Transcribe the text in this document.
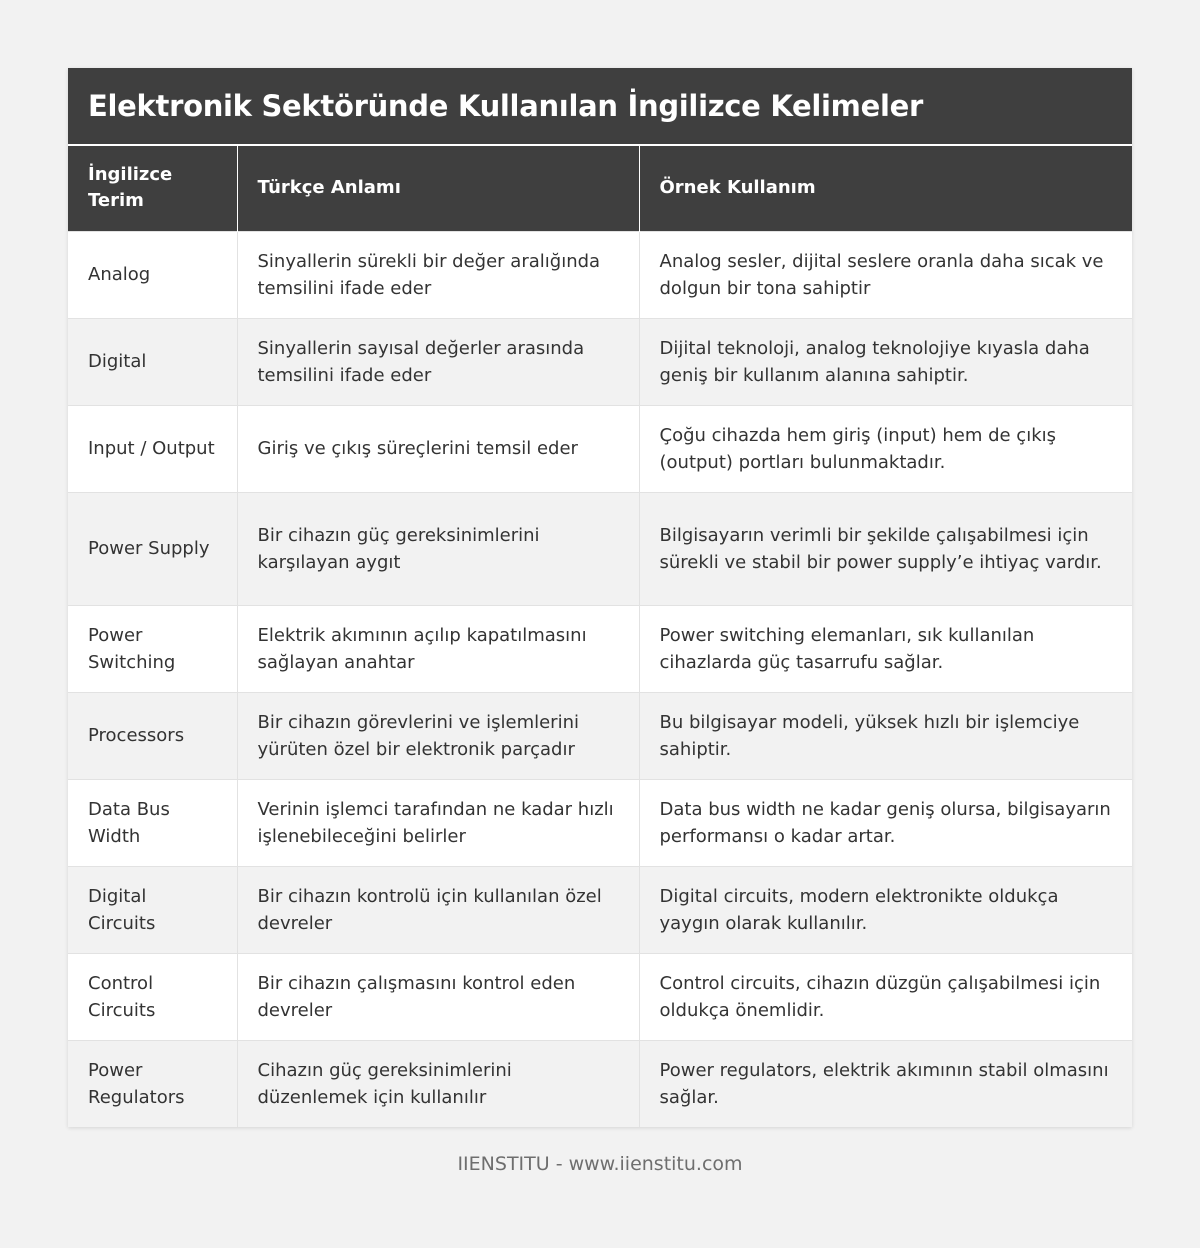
Elektronik Sektöründe Kullanılan İngilizce Kelimeler
İngilizce Terim	Türkçe Anlamı	Örnek Kullanım
Analog	Sinyallerin sürekli bir değer aralığında temsilini ifade eder	Analog sesler, dijital seslere oranla daha sıcak ve dolgun bir tona sahiptir
Digital	Sinyallerin sayısal değerler arasında temsilini ifade eder	Dijital teknoloji, analog teknolojiye kıyasla daha geniş bir kullanım alanına sahiptir.
Input / Output	Giriş ve çıkış süreçlerini temsil eder	Çoğu cihazda hem giriş (input) hem de çıkış (output) portları bulunmaktadır.
Power Supply	Bir cihazın güç gereksinimlerini karşılayan aygıt	Bilgisayarın verimli bir şekilde çalışabilmesi için sürekli ve stabil bir power supply’e ihtiyaç vardır.
Power Switching	Elektrik akımının açılıp kapatılmasını sağlayan anahtar	Power switching elemanları, sık kullanılan cihazlarda güç tasarrufu sağlar.
Processors	Bir cihazın görevlerini ve işlemlerini yürüten özel bir elektronik parçadır	Bu bilgisayar modeli, yüksek hızlı bir işlemciye sahiptir.
Data Bus Width	Verinin işlemci tarafından ne kadar hızlı işlenebileceğini belirler	Data bus width ne kadar geniş olursa, bilgisayarın performansı o kadar artar.
Digital Circuits	Bir cihazın kontrolü için kullanılan özel devreler	Digital circuits, modern elektronikte oldukça yaygın olarak kullanılır.
Control Circuits	Bir cihazın çalışmasını kontrol eden devreler	Control circuits, cihazın düzgün çalışabilmesi için oldukça önemlidir.
Power Regulators	Cihazın güç gereksinimlerini düzenlemek için kullanılır	Power regulators, elektrik akımının stabil olmasını sağlar.
IIENSTITU - www.iienstitu.com
